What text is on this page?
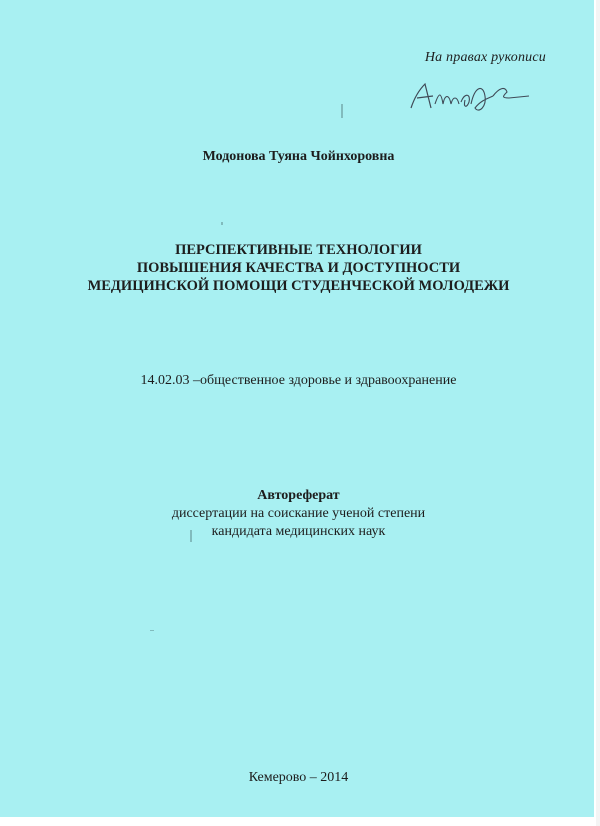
На правах рукописи
Модонова Туяна Чойнхоровна
ПЕРСПЕКТИВНЫЕ ТЕХНОЛОГИИ
ПОВЫШЕНИЯ КАЧЕСТВА И ДОСТУПНОСТИ
МЕДИЦИНСКОЙ ПОМОЩИ СТУДЕНЧЕСКОЙ МОЛОДЕЖИ
14.02.03 –общественное здоровье и здравоохранение
Автореферат
диссертации на соискание ученой степени
кандидата медицинских наук
Кемерово – 2014
